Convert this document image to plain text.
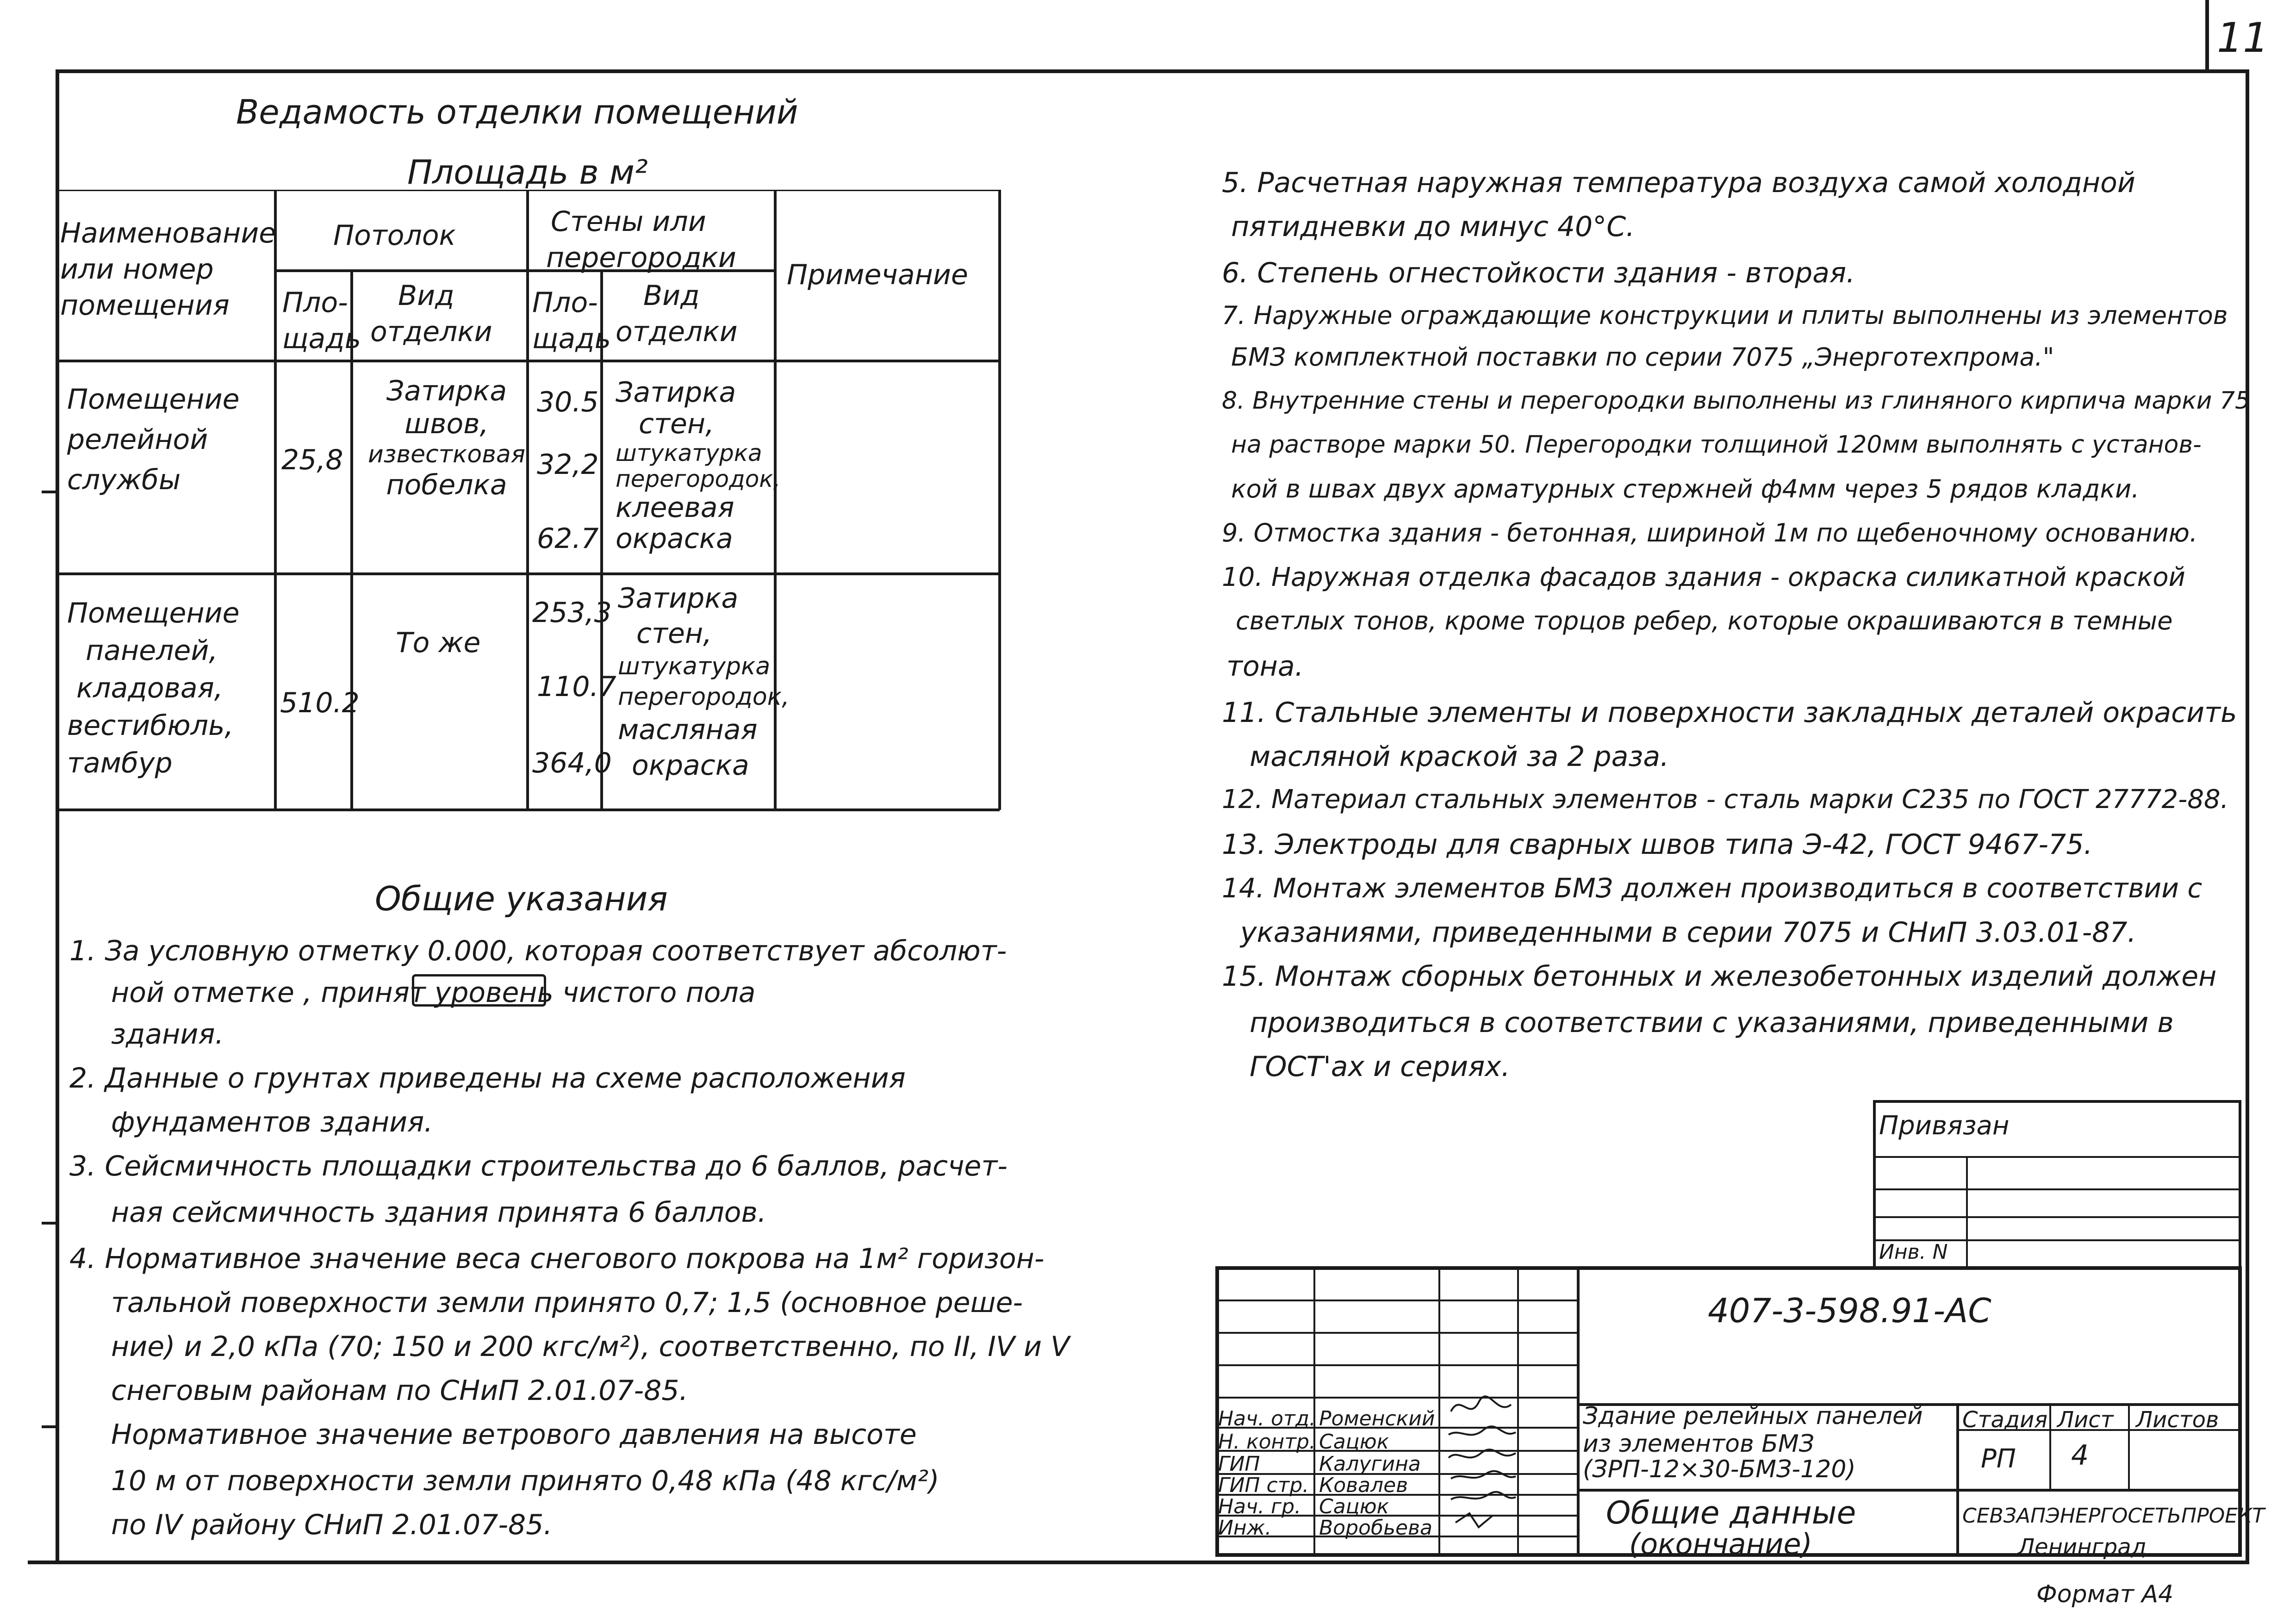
11
Ведамость отделки помещений
Площадь в м²
Наименование
или номер
помещения
Потолок	Стены или
перегородки
Примечание
Пло-
щадь
Вид
отделки
Пло-
щадь
Вид
отделки
Помещение
релейной
службы
25,8
Затирка
швов,
известковая
побелка
30.5
32,2
62.7
Затирка
стен,
штукатурка
перегородок,
клеевая
окраска
Помещение
панелей,
кладовая,
вестибюль,
тамбур
510.2
То же
253,3
110.7
364,0
Затирка
стен,
штукатурка
перегородок,
масляная
окраска
Общие указания
1. За условную отметку 0.000, которая соответствует абсолют-
ной отметке , принят уровень чистого пола
здания.
2. Данные о грунтах приведены на схеме расположения
фундаментов здания.
3. Сейсмичность площадки строительства до 6 баллов, расчет-
ная сейсмичность здания принята 6 баллов.
4. Нормативное значение веса снегового покрова на 1м² горизон-
тальной поверхности земли принято 0,7; 1,5 (основное реше-
ние) и 2,0 кПа (70; 150 и 200 кгс/м²), соответственно, по II, IV и V
снеговым районам по СНиП 2.01.07-85.
Нормативное значение ветрового давления на высоте
10 м от поверхности земли принято 0,48 кПа (48 кгс/м²)
по IV району СНиП 2.01.07-85.
5. Расчетная наружная температура воздуха самой холодной
пятидневки до минус 40°С.
6. Степень огнестойкости здания - вторая.
7. Наружные ограждающие конструкции и плиты выполнены из элементов
БМЗ комплектной поставки по серии 7075 „Энерготехпрома."
8. Внутренние стены и перегородки выполнены из глиняного кирпича марки 75
на растворе марки 50. Перегородки толщиной 120мм выполнять с установ-
кой в швах двух арматурных стержней ф4мм через 5 рядов кладки.
9. Отмостка здания - бетонная, шириной 1м по щебеночному основанию.
10. Наружная отделка фасадов здания - окраска силикатной краской
светлых тонов, кроме торцов ребер, которые окрашиваются в темные
тона.
11. Стальные элементы и поверхности закладных деталей окрасить
масляной краской за 2 раза.
12. Материал стальных элементов - сталь марки С235 по ГОСТ 27772-88.
13. Электроды для сварных швов типа Э-42, ГОСТ 9467-75.
14. Монтаж элементов БМЗ должен производиться в соответствии с
указаниями, приведенными в серии 7075 и СНиП 3.03.01-87.
15. Монтаж сборных бетонных и железобетонных изделий должен
производиться в соответствии с указаниями, приведенными в
ГОСТ'ах и сериях.
Привязан
Инв. N
407-3-598.91-АС
Нач. отд.
Н. контр.
ГИП
ГИП стр.
Нач. гр.
Инж.
Роменский
Сацюк
Калугина
Ковалев
Сацюк
Воробьева
Здание релейных панелей
из элементов БМЗ
(ЗРП-12×30-БМЗ-120)
Стадия Лист Листов
РП 4
Общие данные
(окончание)
СЕВЗАПЭНЕРГОСЕТЬПРОЕКТ
Ленинград
Формат А4
